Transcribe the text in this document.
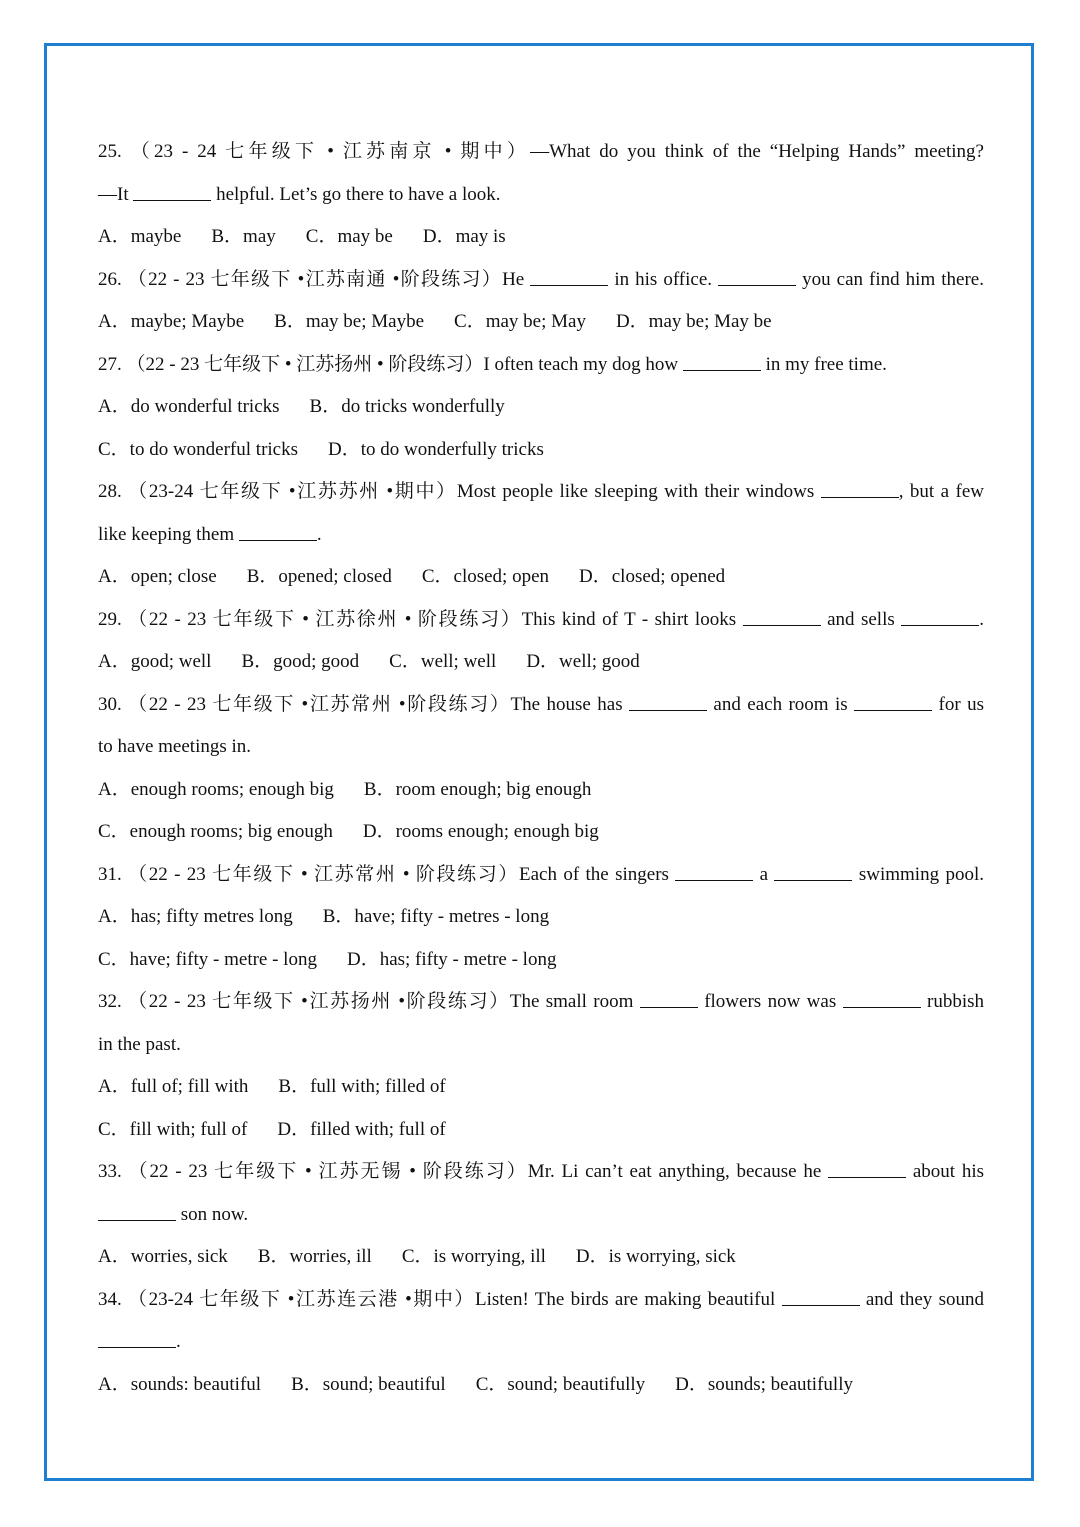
25. （23 - 24 七年级下 • 江苏南京 • 期中）—What do you think of the “Helping Hands” meeting?
—It	helpful. Let’s go there to have a look.
A．maybe B．may C．may be D．may is
26. （22 - 23 七年级下 •江苏南通 •阶段练习）He	in his office.	you can find him there.
A．maybe; Maybe B．may be; Maybe C．may be; May D．may be; May be
27. （22 - 23 七年级下 • 江苏扬州 • 阶段练习）I often teach my dog how	in my free time.
A．do wonderful tricks B．do tricks wonderfully
C．to do wonderful tricks D．to do wonderfully tricks
28. （23-24 七年级下 •江苏苏州 •期中）Most people like sleeping with their windows	, but a few
like keeping them	.
A．open; close B．opened; closed C．closed; open D．closed; opened
29. （22 - 23 七年级下 • 江苏徐州 • 阶段练习）This kind of T - shirt looks	and sells	.
A．good; well B．good; good C．well; well D．well; good
30. （22 - 23 七年级下 •江苏常州 •阶段练习）The house has	and each room is	for us
to have meetings in.
A．enough rooms; enough big B．room enough; big enough
C．enough rooms; big enough D．rooms enough; enough big
31. （22 - 23 七年级下 • 江苏常州 • 阶段练习）Each of the singers	a	swimming pool.
A．has; fifty metres long B．have; fifty - metres - long
C．have; fifty - metre - long D．has; fifty - metre - long
32. （22 - 23 七年级下 •江苏扬州 •阶段练习）The small room	flowers now was	rubbish
in the past.
A．full of; fill with B．full with; filled of
C．fill with; full of D．filled with; full of
33. （22 - 23 七年级下 • 江苏无锡 • 阶段练习）Mr. Li can’t eat anything, because he	about his
son now.
A．worries, sick B．worries, ill C．is worrying, ill D．is worrying, sick
34. （23-24 七年级下 •江苏连云港 •期中）Listen! The birds are making beautiful	and they sound
.
A．sounds: beautiful B．sound; beautiful C．sound; beautifully D．sounds; beautifully
